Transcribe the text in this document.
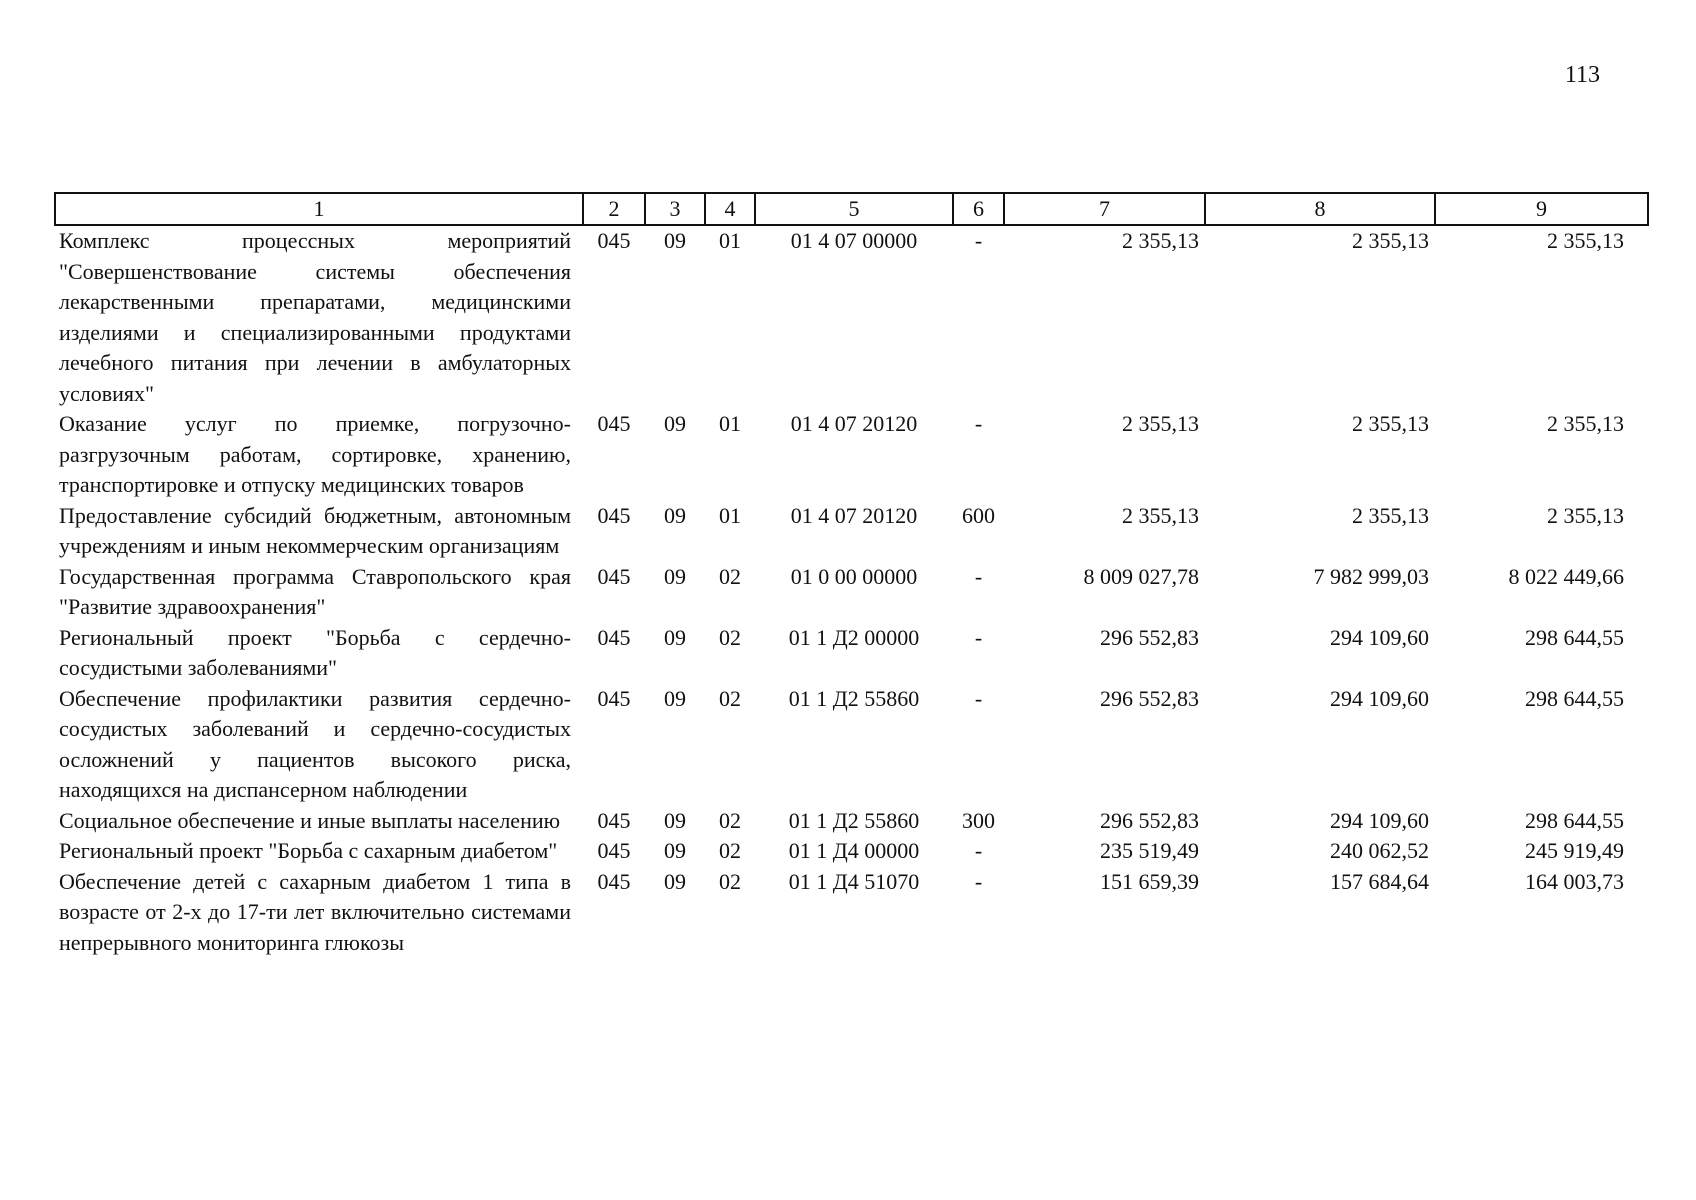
113
1	2	3	4	5	6	7	8	9
Комплекс процессных мероприятий "Совершенствование системы обеспечения лекарственными препаратами, медицинскими изделиями и специализированными продуктами лечебного питания при лечении в амбулаторных условиях"	045	09	01	01 4 07 00000	-	2 355,13	2 355,13	2 355,13
Оказание услуг по приемке, погрузочно-разгрузочным работам, сортировке, хранению, транспортировке и отпуску медицинских товаров	045	09	01	01 4 07 20120	-	2 355,13	2 355,13	2 355,13
Предоставление субсидий бюджетным, автономным учреждениям и иным некоммерческим организациям	045	09	01	01 4 07 20120	600	2 355,13	2 355,13	2 355,13
Государственная программа Ставропольского края "Развитие здравоохранения"	045	09	02	01 0 00 00000	-	8 009 027,78	7 982 999,03	8 022 449,66
Региональный проект "Борьба с сердечно-сосудистыми заболеваниями"	045	09	02	01 1 Д2 00000	-	296 552,83	294 109,60	298 644,55
Обеспечение профилактики развития сердечно-сосудистых заболеваний и сердечно-сосудистых осложнений у пациентов высокого риска, находящихся на диспансерном наблюдении	045	09	02	01 1 Д2 55860	-	296 552,83	294 109,60	298 644,55
Социальное обеспечение и иные выплаты населению	045	09	02	01 1 Д2 55860	300	296 552,83	294 109,60	298 644,55
Региональный проект "Борьба с сахарным диабетом"	045	09	02	01 1 Д4 00000	-	235 519,49	240 062,52	245 919,49
Обеспечение детей с сахарным диабетом 1 типа в возрасте от 2-х до 17-ти лет включительно системами непрерывного мониторинга глюкозы	045	09	02	01 1 Д4 51070	-	151 659,39	157 684,64	164 003,73
